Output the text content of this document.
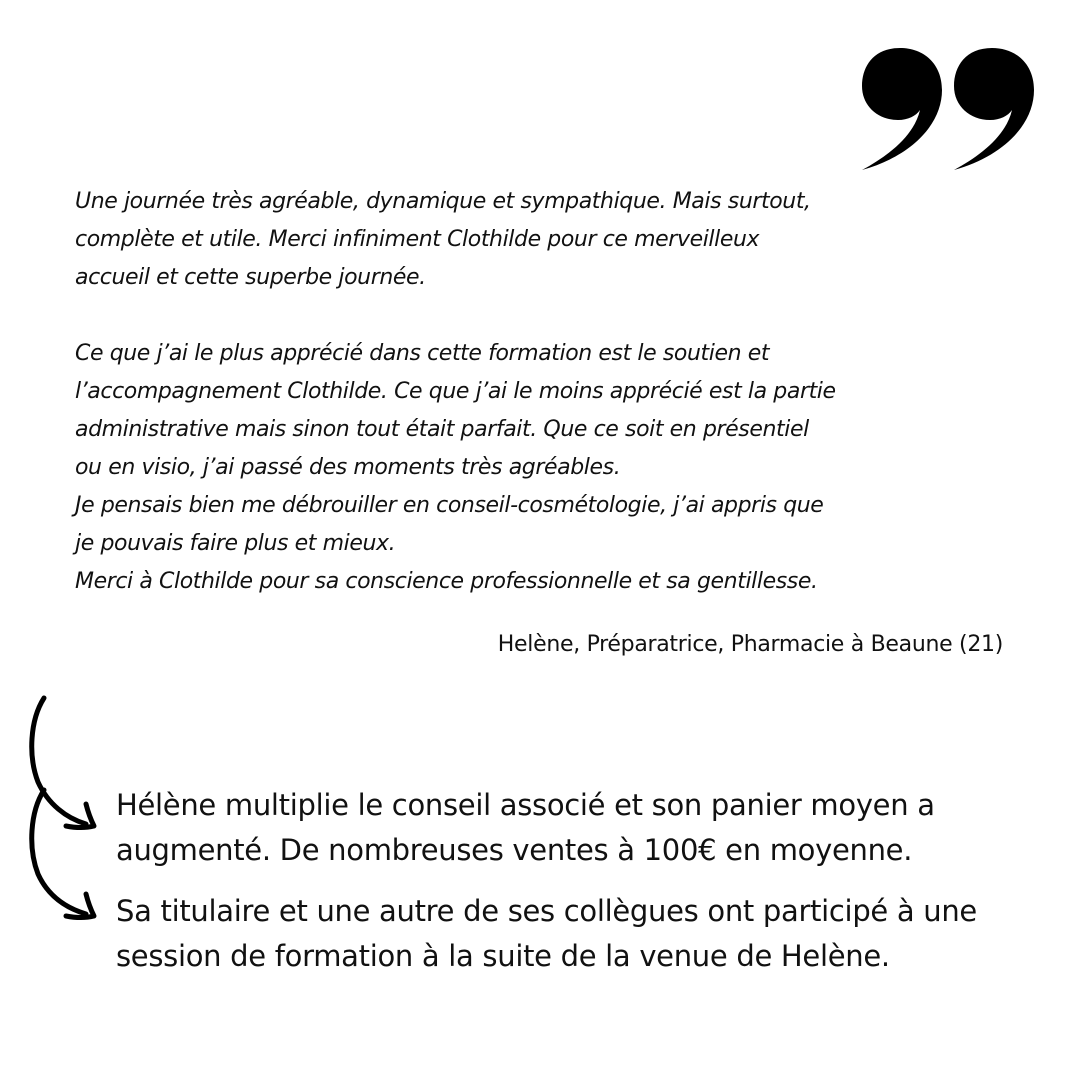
Une journée très agréable, dynamique et sympathique. Mais surtout,
complète et utile. Merci infiniment Clothilde pour ce merveilleux
accueil et cette superbe journée.
Ce que j’ai le plus apprécié dans cette formation est le soutien et
l’accompagnement Clothilde. Ce que j’ai le moins apprécié est la partie
administrative mais sinon tout était parfait. Que ce soit en présentiel
ou en visio, j’ai passé des moments très agréables.
Je pensais bien me débrouiller en conseil-cosmétologie, j’ai appris que
je pouvais faire plus et mieux.
Merci à Clothilde pour sa conscience professionnelle et sa gentillesse.
Helène, Préparatrice, Pharmacie à Beaune (21)
Hélène multiplie le conseil associé et son panier moyen a
augmenté. De nombreuses ventes à 100€ en moyenne.
Sa titulaire et une autre de ses collègues ont participé à une
session de formation à la suite de la venue de Helène.
